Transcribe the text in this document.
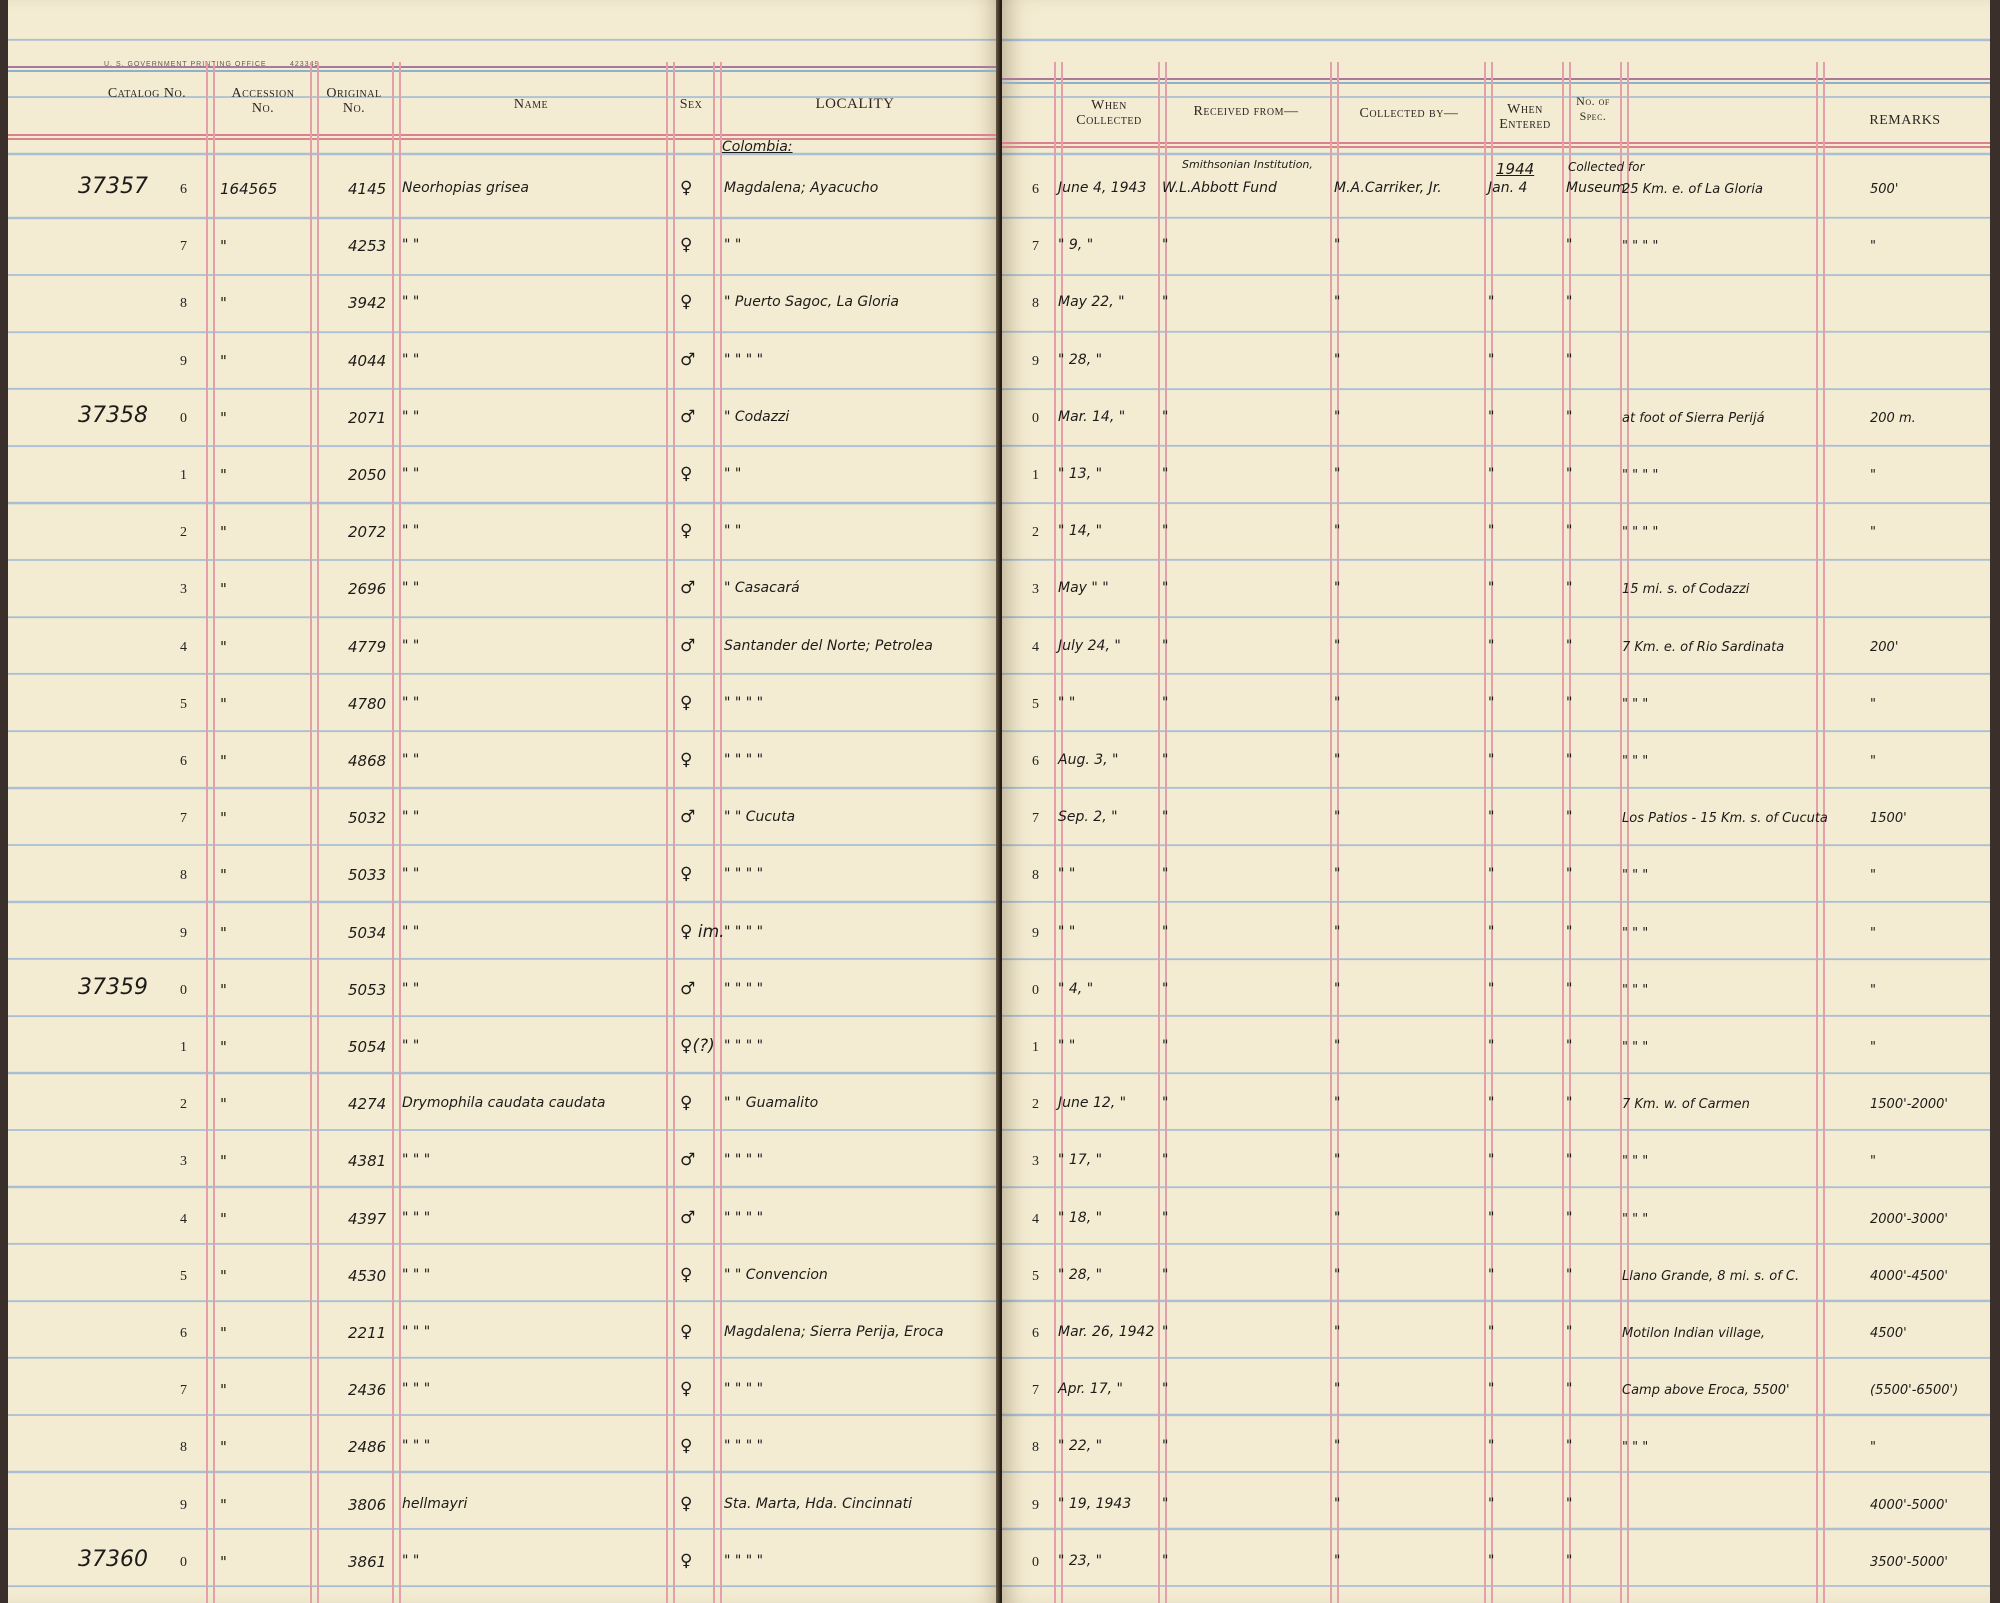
U. S. GOVERNMENT PRINTING OFFICE	423349
Catalog No.	Accession No.
Original No.	Name	Sex	LOCALITY
Colombia:
6
37357	164565	4145	Neorhopias grisea	♀	Magdalena; Ayacucho
7 "	4253	" "	♀	" "
8 "	3942	" "	♀	" Puerto Sagoc, La Gloria
9 "	4044	" "	♂	" " " "
0
37358	"	2071	" "	♂	" Codazzi
1 "	2050	" "	♀	" "
2 "	2072	" "	♀	" "
3 "	2696	" "	♂	" Casacará
4 "	4779	" "	♂	Santander del Norte; Petrolea
5 "	4780	" "	♀	" " " "
6 "	4868	" "	♀	" " " "
7 "	5032	" "	♂	" " Cucuta
8 "	5033	" "	♀	" " " "
9 "	5034	" "	♀ im. " " " "
0
37359	"	5053	" "	♂	" " " "
1 "	5054	" "	♀(?) " " " "
2 "	4274	Drymophila caudata caudata	♀	" " Guamalito
3 "	4381	" " "	♂	" " " "
4 "	4397	" " "	♂	" " " "
5 "	4530	" " "	♀	" " Convencion
6 "	2211	" " "	♀	Magdalena; Sierra Perija, Eroca
7 "	2436	" " "	♀	" " " "
8 "	2486	" " "	♀	" " " "
9 "	3806	hellmayri	♀	Sta. Marta, Hda. Cincinnati
0
37360	"	3861	" "	♀	" " " "
When Collected
Received from—	Collected by—	When Entered
No. of Spec.	REMARKS
Smithsonian Institution,	1944	Collected for
6 June 4, 1943	W.L.Abbott Fund	M.A.Carriker, Jr.	Jan. 4	Museum
25 Km. e. of La Gloria	500'
7 " 9, "	"	"	"	" " " "	"
8 May 22, "	"	"	"	"
9 " 28, "	"	"	"
0 Mar. 14, "	"	"	"	"	at foot of Sierra Perijá	200 m.
1 " 13, "	"	"	"	"	" " " "	"
2 " 14, "	"	"	"	"	" " " "	"
3 May " "	"	"	"	"	15 mi. s. of Codazzi
4 July 24, "	"	"	"	"	7 Km. e. of Rio Sardinata	200'
5 " "	"	"	"	"	" " "	"
6 Aug. 3, "	"	"	"	"	" " "	"
7 Sep. 2, "	"	"	"	"	Los Patios - 15 Km. s. of Cucuta	1500'
8 " "	"	"	"	"	" " "	"
9 " "	"	"	"	"	" " "	"
0 " 4, "	"	"	"	"	" " "	"
1 " "	"	"	"	"	" " "	"
2 June 12, "	"	"	"	"	7 Km. w. of Carmen	1500'-2000'
3 " 17, "	"	"	"	"	" " "	"
4 " 18, "	"	"	"	"	" " "	2000'-3000'
5 " 28, "	"	"	"	"	Llano Grande, 8 mi. s. of C.	4000'-4500'
6 Mar. 26, 1942 "	"	"	"	Motilon Indian village,	4500'
7 Apr. 17, "	"	"	"	"	Camp above Eroca, 5500'	(5500'-6500')
8 " 22, "	"	"	"	"	" " "	"
9 " 19, 1943	"	"	"	"	4000'-5000'
0 " 23, "	"	"	"	"	3500'-5000'
